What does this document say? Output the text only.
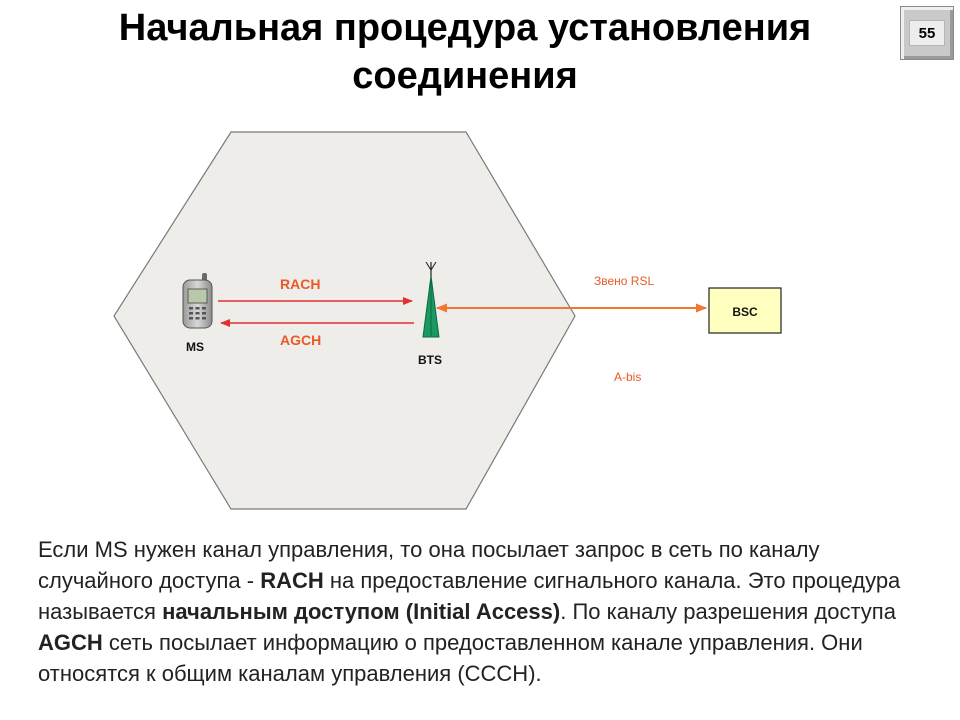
Начальная процедура установления соединения
55
MS
RACH
AGCH
BTS
Звено RSL
A-bis
BSC
Если MS нужен канал управления, то она посылает запрос в сеть по каналу случайного доступа - RACH на предоставление сигнального канала. Это процедура называется начальным доступом (Initial Access). По каналу разрешения доступа AGCH сеть посылает информацию о предоставленном канале управления. Они относятся к общим каналам управления (СССН).
